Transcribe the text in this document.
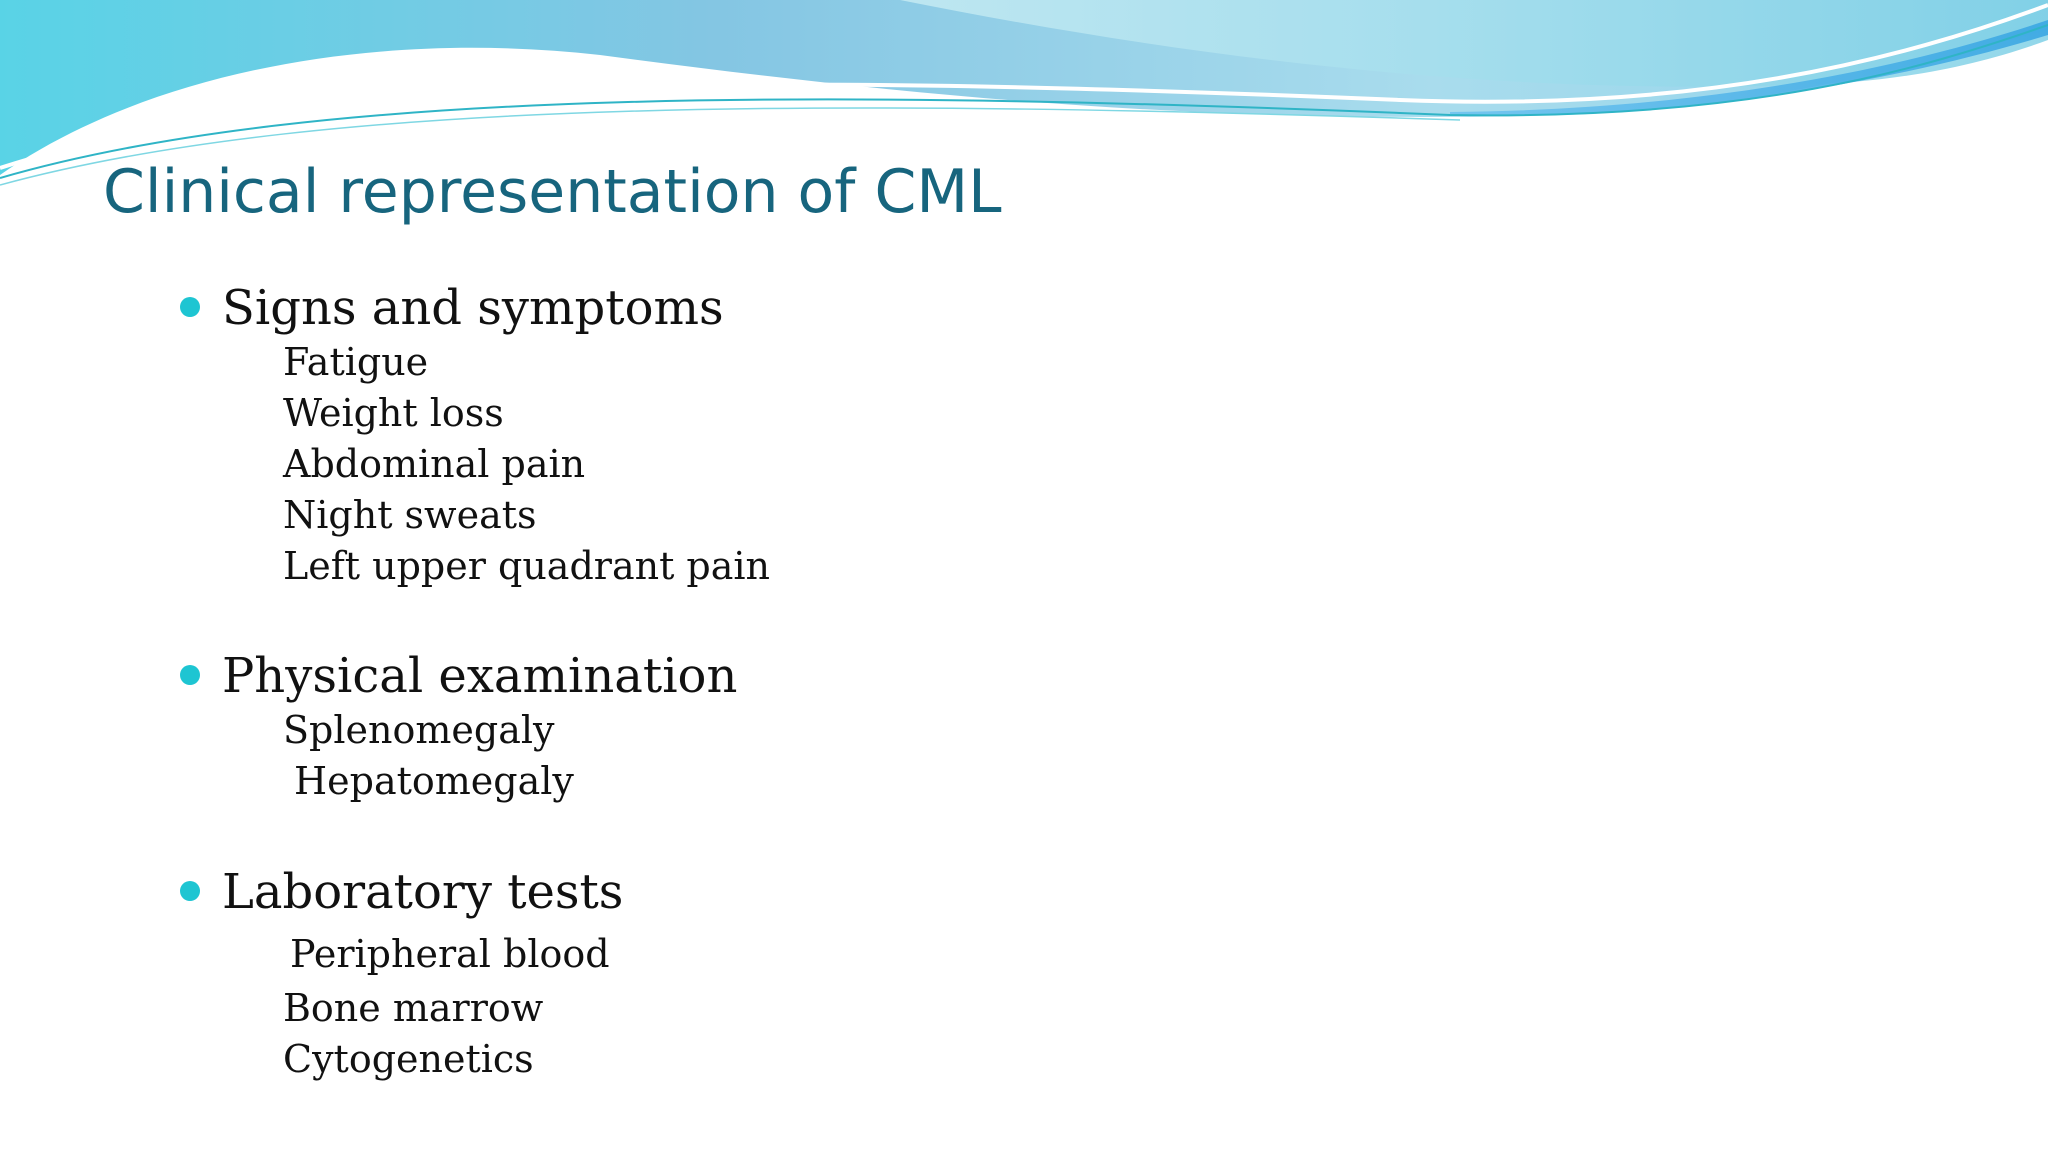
Clinical representation of CML
Signs and symptoms
Fatigue
Weight loss
Abdominal pain
Night sweats
Left upper quadrant pain
Physical examination
Splenomegaly
Hepatomegaly
Laboratory tests
Peripheral blood
Bone marrow
Cytogenetics
